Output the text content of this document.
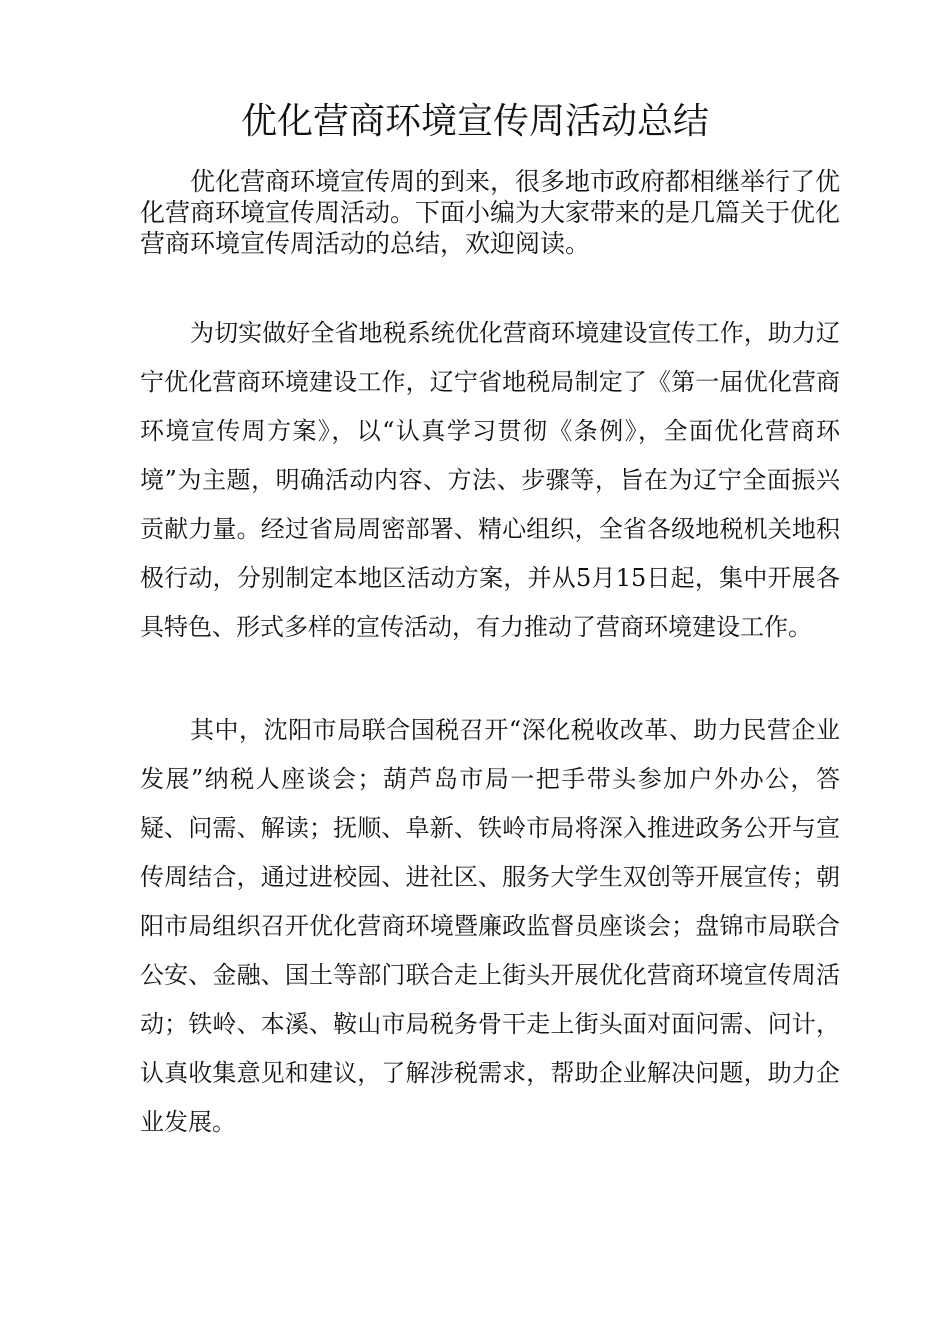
优化营商环境宣传周活动总结

优化营商环境宣传周的到来，很多地市政府都相继举行了优化营商环境宣传周活动。下面小编为大家带来的是几篇关于优化营商环境宣传周活动的总结，欢迎阅读。

为切实做好全省地税系统优化营商环境建设宣传工作，助力辽宁优化营商环境建设工作，辽宁省地税局制定了《第一届优化营商环境宣传周方案》，以“认真学习贯彻《条例》，全面优化营商环境”为主题，明确活动内容、方法、步骤等，旨在为辽宁全面振兴贡献力量。经过省局周密部署、精心组织，全省各级地税机关地积极行动，分别制定本地区活动方案，并从5月15日起，集中开展各具特色、形式多样的宣传活动，有力推动了营商环境建设工作。

其中，沈阳市局联合国税召开“深化税收改革、助力民营企业发展”纳税人座谈会；葫芦岛市局一把手带头参加户外办公，答疑、问需、解读；抚顺、阜新、铁岭市局将深入推进政务公开与宣传周结合，通过进校园、进社区、服务大学生双创等开展宣传；朝阳市局组织召开优化营商环境暨廉政监督员座谈会；盘锦市局联合公安、金融、国土等部门联合走上街头开展优化营商环境宣传周活动；铁岭、本溪、鞍山市局税务骨干走上街头面对面问需、问计，认真收集意见和建议，了解涉税需求，帮助企业解决问题，助力企业发展。
